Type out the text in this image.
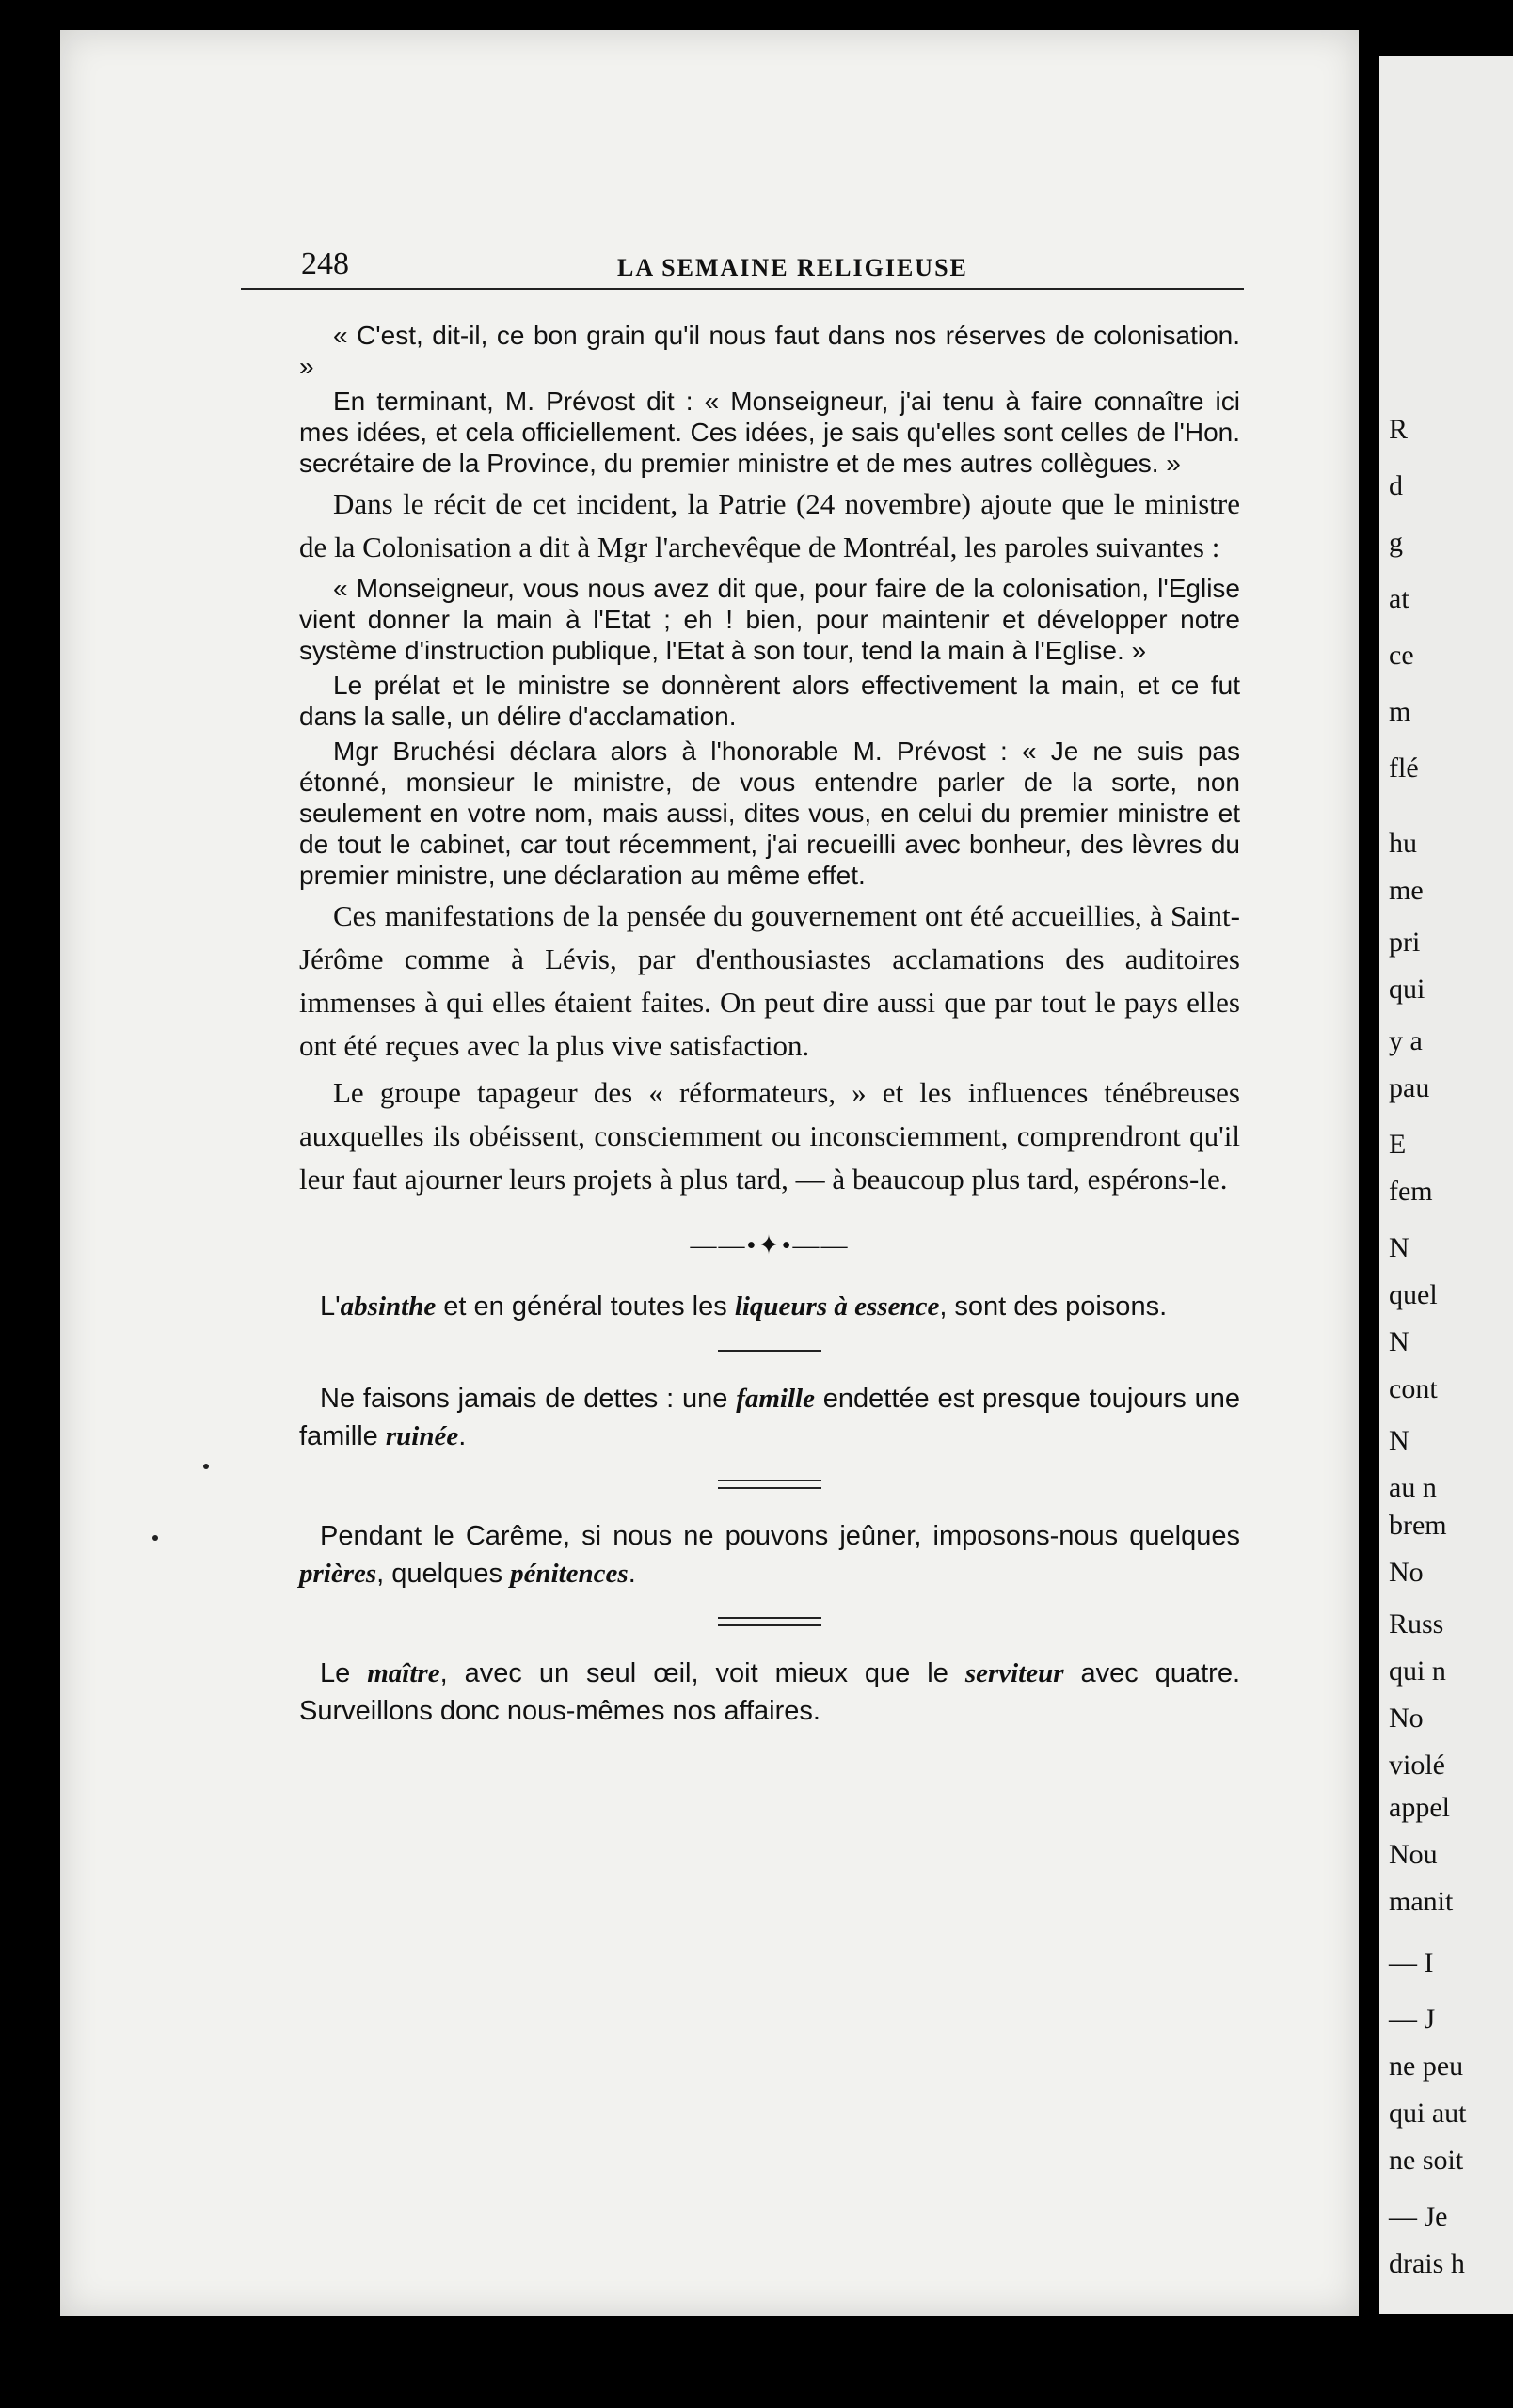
R
d
g
at
ce
m
flé
hu
me
pri
qui
y a
pau
E
fem
N
quel
N
cont
N
au n
brem
No
Russ
qui n
No
violé
appel
Nou
manit
— I
— J
ne peu
qui aut
ne soit
— Je
drais h
248	LA SEMAINE RELIGIEUSE

« C'est, dit-il, ce bon grain qu'il nous faut dans nos réserves de colonisation. »

En terminant, M. Prévost dit : « Monseigneur, j'ai tenu à faire connaître ici mes idées, et cela officiellement. Ces idées, je sais qu'elles sont celles de l'Hon. secrétaire de la Province, du premier ministre et de mes autres collègues. »

Dans le récit de cet incident, la Patrie (24 novembre) ajoute que le ministre de la Colonisation a dit à Mgr l'archevêque de Montréal, les paroles suivantes :

« Monseigneur, vous nous avez dit que, pour faire de la colonisation, l'Eglise vient donner la main à l'Etat ; eh ! bien, pour maintenir et développer notre système d'instruction publique, l'Etat à son tour, tend la main à l'Eglise. »

Le prélat et le ministre se donnèrent alors effectivement la main, et ce fut dans la salle, un délire d'acclamation.

Mgr Bruchési déclara alors à l'honorable M. Prévost : « Je ne suis pas étonné, monsieur le ministre, de vous entendre parler de la sorte, non seulement en votre nom, mais aussi, dites vous, en celui du premier ministre et de tout le cabinet, car tout récemment, j'ai recueilli avec bonheur, des lèvres du premier ministre, une déclaration au même effet.

Ces manifestations de la pensée du gouvernement ont été accueillies, à Saint-Jérôme comme à Lévis, par d'enthousiastes acclamations des auditoires immenses à qui elles étaient faites. On peut dire aussi que par tout le pays elles ont été reçues avec la plus vive satisfaction.

Le groupe tapageur des « réformateurs, » et les influences ténébreuses auxquelles ils obéissent, consciemment ou inconsciemment, comprendront qu'il leur faut ajourner leurs projets à plus tard, — à beaucoup plus tard, espérons-le.

——•✦•——

L'absinthe et en général toutes les liqueurs à essence, sont des poisons.

Ne faisons jamais de dettes : une famille endettée est presque toujours une famille ruinée.

Pendant le Carême, si nous ne pouvons jeûner, imposons-nous quelques prières, quelques pénitences.

Le maître, avec un seul œil, voit mieux que le serviteur avec quatre. Surveillons donc nous-mêmes nos affaires.
